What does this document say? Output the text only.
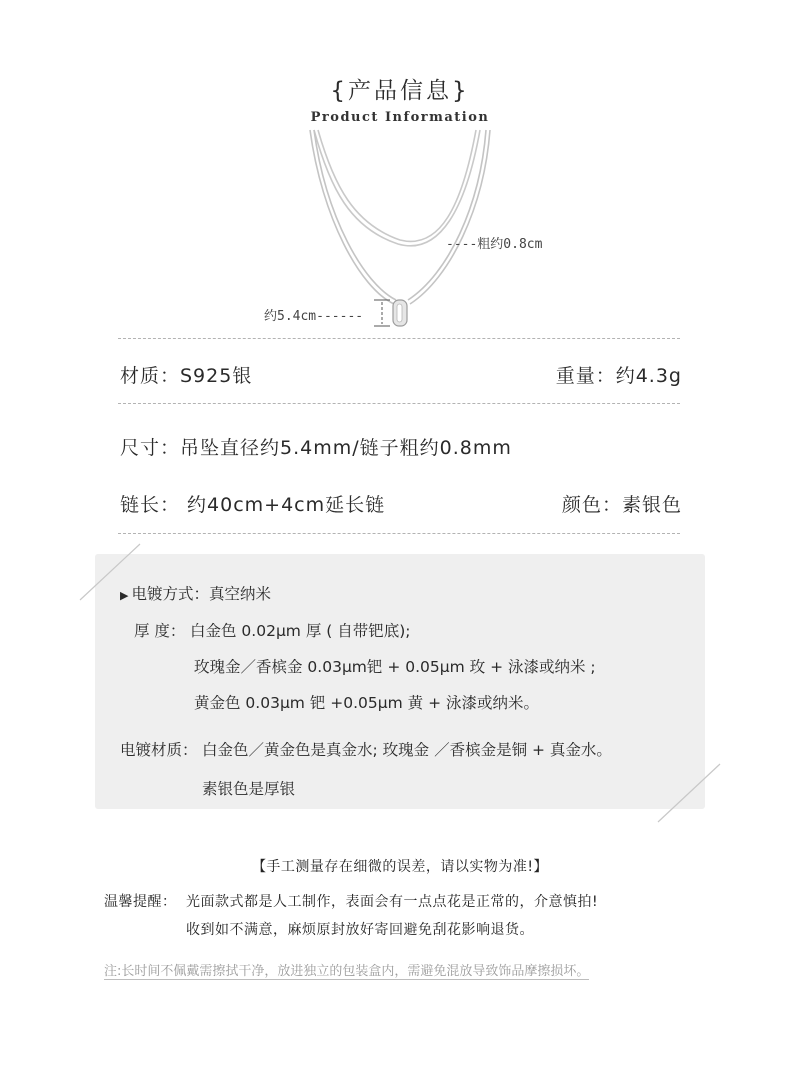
{产品信息}
Product Information
----粗约0.8cm
约5.4cm------
材质：S925银	重量：约4.3g
尺寸：吊坠直径约5.4mm/链子粗约0.8mm
链长： 约40cm+4cm延长链	颜色：素银色
▶ 电镀方式：真空纳米
厚 度： 白金色 0.02μm 厚 ( 自带钯底);
玫瑰金／香槟金 0.03μm钯 + 0.05μm 玫 + 泳漆或纳米 ;
黄金色 0.03μm 钯 +0.05μm 黄 + 泳漆或纳米。
电镀材质： 白金色／黄金色是真金水; 玫瑰金 ／香槟金是铜 + 真金水。
素银色是厚银
【手工测量存在细微的误差，请以实物为准!】
温馨提醒： 光面款式都是人工制作，表面会有一点点花是正常的，介意慎拍!
收到如不满意，麻烦原封放好寄回避免刮花影响退货。
注:长时间不佩戴需擦拭干净，放进独立的包装盒内，需避免混放导致饰品摩擦损坏。
